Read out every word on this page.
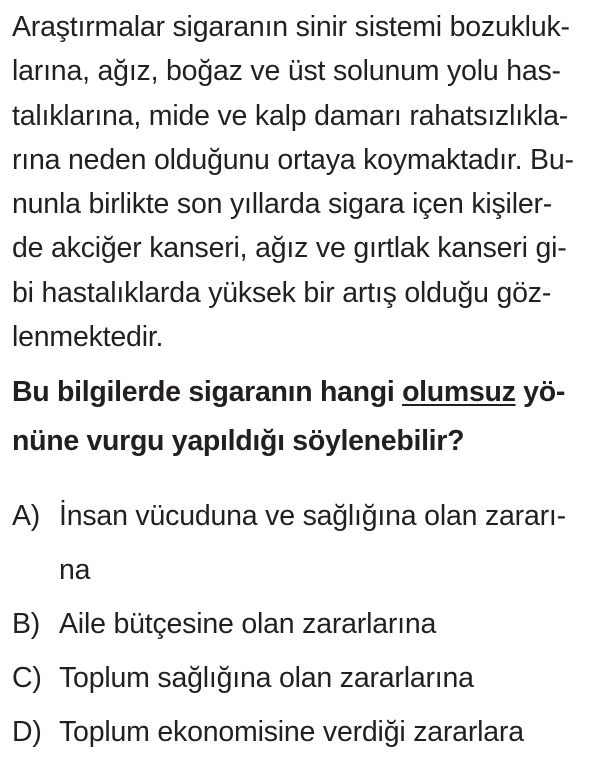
Araştırmalar sigaranın sinir sistemi bozukluk-
larına, ağız, boğaz ve üst solunum yolu has-
talıklarına, mide ve kalp damarı rahatsızlıkla-
rına neden olduğunu ortaya koymaktadır. Bu-
nunla birlikte son yıllarda sigara içen kişiler-
de akciğer kanseri, ağız ve gırtlak kanseri gi-
bi hastalıklarda yüksek bir artış olduğu göz-
lenmektedir.
Bu bilgilerde sigaranın hangi olumsuz yö-
nüne vurgu yapıldığı söylenebilir?
A) İnsan vücuduna ve sağlığına olan zararı-
na
B) Aile bütçesine olan zararlarına
C) Toplum sağlığına olan zararlarına
D) Toplum ekonomisine verdiği zararlara
